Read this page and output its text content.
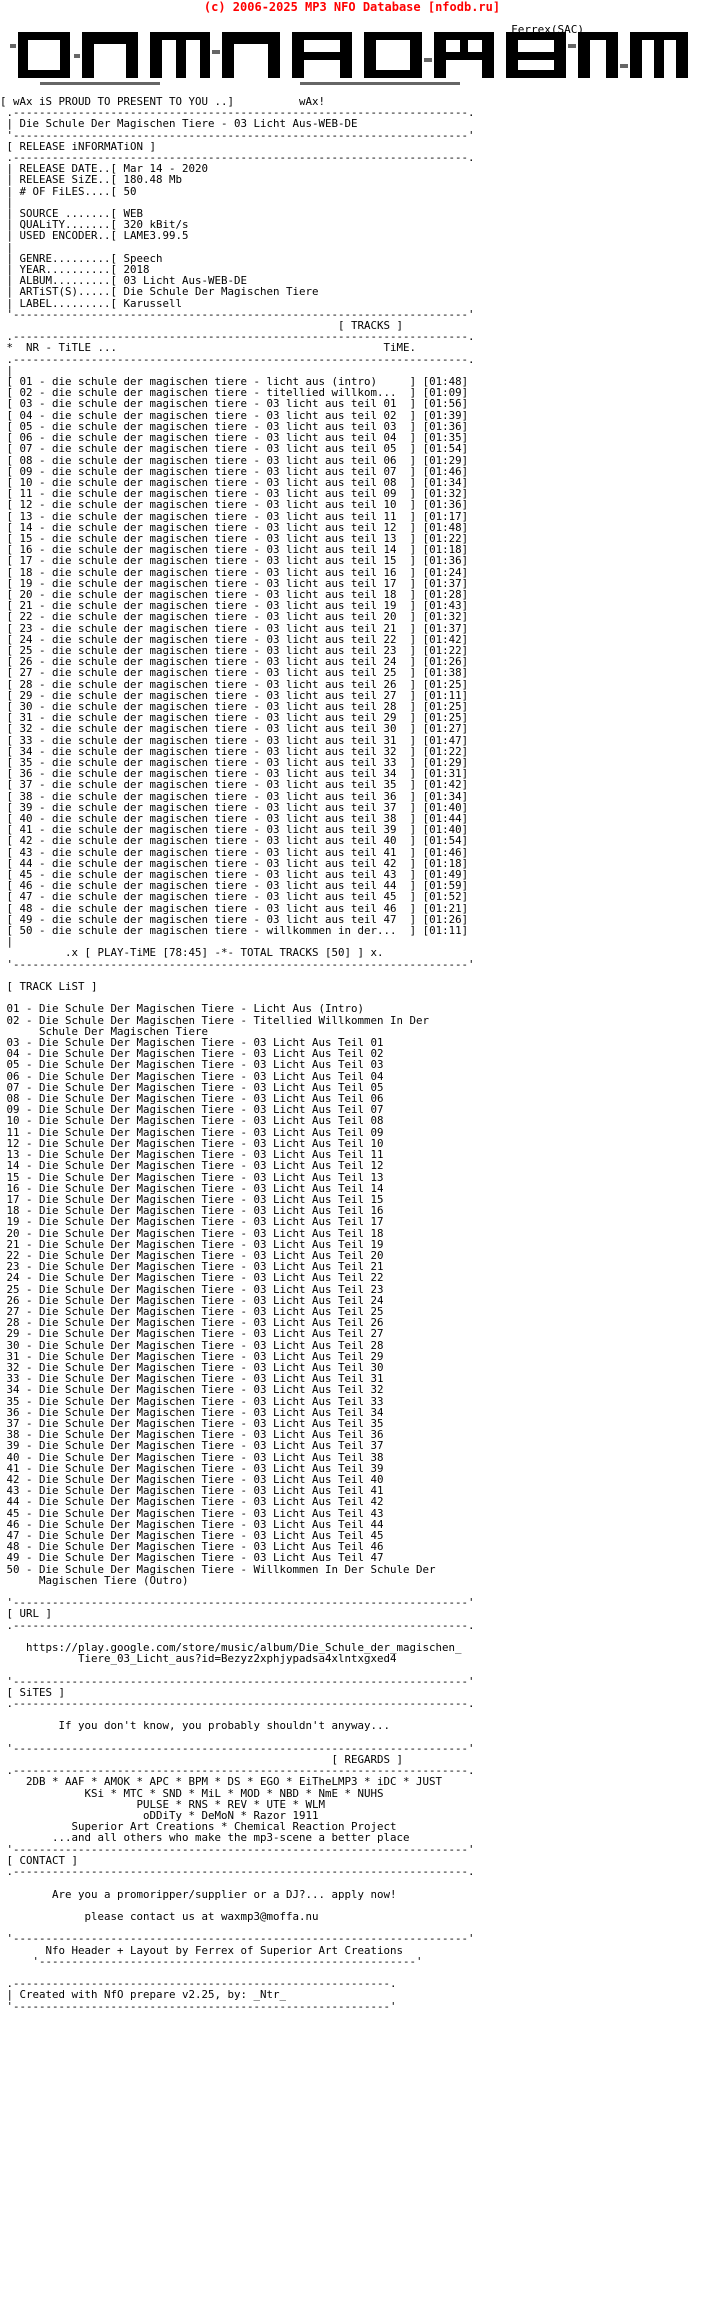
(c) 2006-2025 MP3 NFO Database [nfodb.ru]
Ferrex(SAC)
[ wAx iS PROUD TO PRESENT TO YOU ..]	wAx!
.----------------------------------------------------------------------.
| Die Schule Der Magischen Tiere - 03 Licht Aus-WEB-DE
'----------------------------------------------------------------------'
[ RELEASE iNFORMATiON ]
.----------------------------------------------------------------------.
| RELEASE DATE..[ Mar 14 - 2020
| RELEASE SiZE..[ 180.48 Mb
| # OF FiLES....[ 50
|
| SOURCE .......[ WEB
| QUALiTY.......[ 320 kBit/s
| USED ENCODER..[ LAME3.99.5
|
| GENRE.........[ Speech
| YEAR..........[ 2018
| ALBUM.........[ 03 Licht Aus-WEB-DE
| ARTiST(S).....[ Die Schule Der Magischen Tiere
| LABEL.........[ Karussell
'----------------------------------------------------------------------'
[ TRACKS ]
.----------------------------------------------------------------------.
*  NR - TiTLE ...	TiME.
.----------------------------------------------------------------------.
|
[ 01 - die schule der magischen tiere - licht aus (intro)     ] [01:48]
[ 02 - die schule der magischen tiere - titellied willkom...  ] [01:09]
[ 03 - die schule der magischen tiere - 03 licht aus teil 01  ] [01:56]
[ 04 - die schule der magischen tiere - 03 licht aus teil 02  ] [01:39]
[ 05 - die schule der magischen tiere - 03 licht aus teil 03  ] [01:36]
[ 06 - die schule der magischen tiere - 03 licht aus teil 04  ] [01:35]
[ 07 - die schule der magischen tiere - 03 licht aus teil 05  ] [01:54]
[ 08 - die schule der magischen tiere - 03 licht aus teil 06  ] [01:29]
[ 09 - die schule der magischen tiere - 03 licht aus teil 07  ] [01:46]
[ 10 - die schule der magischen tiere - 03 licht aus teil 08  ] [01:34]
[ 11 - die schule der magischen tiere - 03 licht aus teil 09  ] [01:32]
[ 12 - die schule der magischen tiere - 03 licht aus teil 10  ] [01:36]
[ 13 - die schule der magischen tiere - 03 licht aus teil 11  ] [01:17]
[ 14 - die schule der magischen tiere - 03 licht aus teil 12  ] [01:48]
[ 15 - die schule der magischen tiere - 03 licht aus teil 13  ] [01:22]
[ 16 - die schule der magischen tiere - 03 licht aus teil 14  ] [01:18]
[ 17 - die schule der magischen tiere - 03 licht aus teil 15  ] [01:36]
[ 18 - die schule der magischen tiere - 03 licht aus teil 16  ] [01:24]
[ 19 - die schule der magischen tiere - 03 licht aus teil 17  ] [01:37]
[ 20 - die schule der magischen tiere - 03 licht aus teil 18  ] [01:28]
[ 21 - die schule der magischen tiere - 03 licht aus teil 19  ] [01:43]
[ 22 - die schule der magischen tiere - 03 licht aus teil 20  ] [01:32]
[ 23 - die schule der magischen tiere - 03 licht aus teil 21  ] [01:37]
[ 24 - die schule der magischen tiere - 03 licht aus teil 22  ] [01:42]
[ 25 - die schule der magischen tiere - 03 licht aus teil 23  ] [01:22]
[ 26 - die schule der magischen tiere - 03 licht aus teil 24  ] [01:26]
[ 27 - die schule der magischen tiere - 03 licht aus teil 25  ] [01:38]
[ 28 - die schule der magischen tiere - 03 licht aus teil 26  ] [01:25]
[ 29 - die schule der magischen tiere - 03 licht aus teil 27  ] [01:11]
[ 30 - die schule der magischen tiere - 03 licht aus teil 28  ] [01:25]
[ 31 - die schule der magischen tiere - 03 licht aus teil 29  ] [01:25]
[ 32 - die schule der magischen tiere - 03 licht aus teil 30  ] [01:27]
[ 33 - die schule der magischen tiere - 03 licht aus teil 31  ] [01:47]
[ 34 - die schule der magischen tiere - 03 licht aus teil 32  ] [01:22]
[ 35 - die schule der magischen tiere - 03 licht aus teil 33  ] [01:29]
[ 36 - die schule der magischen tiere - 03 licht aus teil 34  ] [01:31]
[ 37 - die schule der magischen tiere - 03 licht aus teil 35  ] [01:42]
[ 38 - die schule der magischen tiere - 03 licht aus teil 36  ] [01:34]
[ 39 - die schule der magischen tiere - 03 licht aus teil 37  ] [01:40]
[ 40 - die schule der magischen tiere - 03 licht aus teil 38  ] [01:44]
[ 41 - die schule der magischen tiere - 03 licht aus teil 39  ] [01:40]
[ 42 - die schule der magischen tiere - 03 licht aus teil 40  ] [01:54]
[ 43 - die schule der magischen tiere - 03 licht aus teil 41  ] [01:46]
[ 44 - die schule der magischen tiere - 03 licht aus teil 42  ] [01:18]
[ 45 - die schule der magischen tiere - 03 licht aus teil 43  ] [01:49]
[ 46 - die schule der magischen tiere - 03 licht aus teil 44  ] [01:59]
[ 47 - die schule der magischen tiere - 03 licht aus teil 45  ] [01:52]
[ 48 - die schule der magischen tiere - 03 licht aus teil 46  ] [01:21]
[ 49 - die schule der magischen tiere - 03 licht aus teil 47  ] [01:26]
[ 50 - die schule der magischen tiere - willkommen in der...  ] [01:11]
|
.x [ PLAY-TiME [78:45] -*- TOTAL TRACKS [50] ] x.
'----------------------------------------------------------------------'

[ TRACK LiST ]

01 - Die Schule Der Magischen Tiere - Licht Aus (Intro)
02 - Die Schule Der Magischen Tiere - Titellied Willkommen In Der
Schule Der Magischen Tiere
03 - Die Schule Der Magischen Tiere - 03 Licht Aus Teil 01
04 - Die Schule Der Magischen Tiere - 03 Licht Aus Teil 02
05 - Die Schule Der Magischen Tiere - 03 Licht Aus Teil 03
06 - Die Schule Der Magischen Tiere - 03 Licht Aus Teil 04
07 - Die Schule Der Magischen Tiere - 03 Licht Aus Teil 05
08 - Die Schule Der Magischen Tiere - 03 Licht Aus Teil 06
09 - Die Schule Der Magischen Tiere - 03 Licht Aus Teil 07
10 - Die Schule Der Magischen Tiere - 03 Licht Aus Teil 08
11 - Die Schule Der Magischen Tiere - 03 Licht Aus Teil 09
12 - Die Schule Der Magischen Tiere - 03 Licht Aus Teil 10
13 - Die Schule Der Magischen Tiere - 03 Licht Aus Teil 11
14 - Die Schule Der Magischen Tiere - 03 Licht Aus Teil 12
15 - Die Schule Der Magischen Tiere - 03 Licht Aus Teil 13
16 - Die Schule Der Magischen Tiere - 03 Licht Aus Teil 14
17 - Die Schule Der Magischen Tiere - 03 Licht Aus Teil 15
18 - Die Schule Der Magischen Tiere - 03 Licht Aus Teil 16
19 - Die Schule Der Magischen Tiere - 03 Licht Aus Teil 17
20 - Die Schule Der Magischen Tiere - 03 Licht Aus Teil 18
21 - Die Schule Der Magischen Tiere - 03 Licht Aus Teil 19
22 - Die Schule Der Magischen Tiere - 03 Licht Aus Teil 20
23 - Die Schule Der Magischen Tiere - 03 Licht Aus Teil 21
24 - Die Schule Der Magischen Tiere - 03 Licht Aus Teil 22
25 - Die Schule Der Magischen Tiere - 03 Licht Aus Teil 23
26 - Die Schule Der Magischen Tiere - 03 Licht Aus Teil 24
27 - Die Schule Der Magischen Tiere - 03 Licht Aus Teil 25
28 - Die Schule Der Magischen Tiere - 03 Licht Aus Teil 26
29 - Die Schule Der Magischen Tiere - 03 Licht Aus Teil 27
30 - Die Schule Der Magischen Tiere - 03 Licht Aus Teil 28
31 - Die Schule Der Magischen Tiere - 03 Licht Aus Teil 29
32 - Die Schule Der Magischen Tiere - 03 Licht Aus Teil 30
33 - Die Schule Der Magischen Tiere - 03 Licht Aus Teil 31
34 - Die Schule Der Magischen Tiere - 03 Licht Aus Teil 32
35 - Die Schule Der Magischen Tiere - 03 Licht Aus Teil 33
36 - Die Schule Der Magischen Tiere - 03 Licht Aus Teil 34
37 - Die Schule Der Magischen Tiere - 03 Licht Aus Teil 35
38 - Die Schule Der Magischen Tiere - 03 Licht Aus Teil 36
39 - Die Schule Der Magischen Tiere - 03 Licht Aus Teil 37
40 - Die Schule Der Magischen Tiere - 03 Licht Aus Teil 38
41 - Die Schule Der Magischen Tiere - 03 Licht Aus Teil 39
42 - Die Schule Der Magischen Tiere - 03 Licht Aus Teil 40
43 - Die Schule Der Magischen Tiere - 03 Licht Aus Teil 41
44 - Die Schule Der Magischen Tiere - 03 Licht Aus Teil 42
45 - Die Schule Der Magischen Tiere - 03 Licht Aus Teil 43
46 - Die Schule Der Magischen Tiere - 03 Licht Aus Teil 44
47 - Die Schule Der Magischen Tiere - 03 Licht Aus Teil 45
48 - Die Schule Der Magischen Tiere - 03 Licht Aus Teil 46
49 - Die Schule Der Magischen Tiere - 03 Licht Aus Teil 47
50 - Die Schule Der Magischen Tiere - Willkommen In Der Schule Der
Magischen Tiere (Outro)

'----------------------------------------------------------------------'
[ URL ]
.----------------------------------------------------------------------.

https://play.google.com/store/music/album/Die_Schule_der_magischen_
Tiere_03_Licht_aus?id=Bezyz2xphjypadsa4xlntxgxed4

'----------------------------------------------------------------------'
[ SiTES ]
.----------------------------------------------------------------------.

If you don't know, you probably shouldn't anyway...

'----------------------------------------------------------------------'
[ REGARDS ]
.----------------------------------------------------------------------.
2DB * AAF * AMOK * APC * BPM * DS * EGO * EiTheLMP3 * iDC * JUST
KSi * MTC * SND * MiL * MOD * NBD * NmE * NUHS
PULSE * RNS * REV * UTE * WLM
oDDiTy * DeMoN * Razor 1911
Superior Art Creations * Chemical Reaction Project
...and all others who make the mp3-scene a better place
'----------------------------------------------------------------------'
[ CONTACT ]
.----------------------------------------------------------------------.

Are you a promoripper/supplier or a DJ?... apply now!

please contact us at waxmp3@moffa.nu

'----------------------------------------------------------------------'
Nfo Header + Layout by Ferrex of Superior Art Creations
'----------------------------------------------------------'

.----------------------------------------------------------.
| Created with NfO prepare v2.25, by: _Ntr_
'----------------------------------------------------------'
